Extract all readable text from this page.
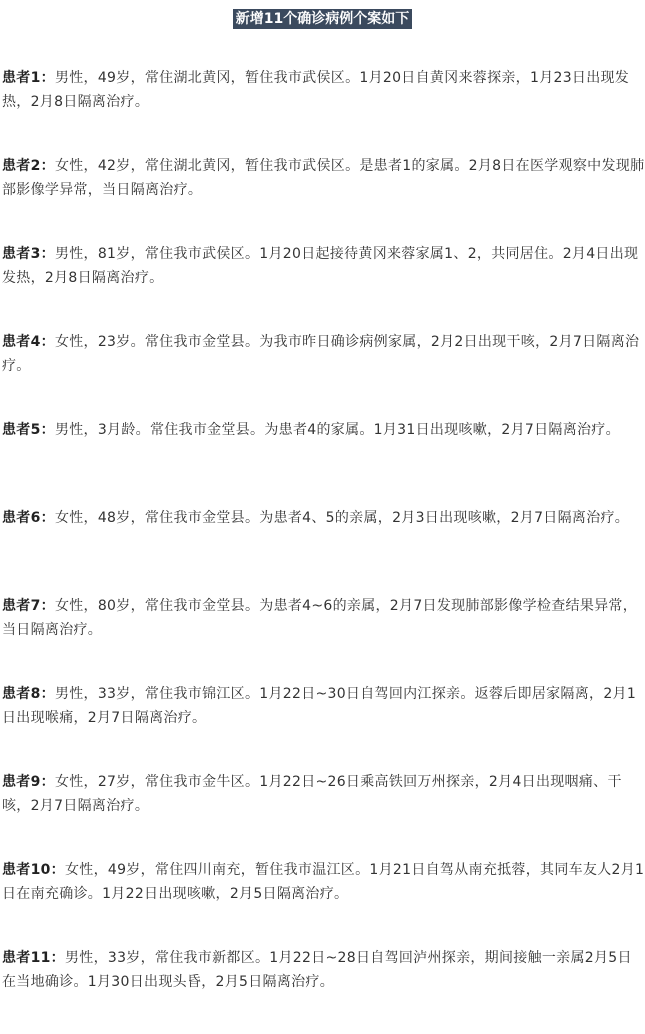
新增11个确诊病例个案如下

患者1：男性，49岁，常住湖北黄冈，暂住我市武侯区。1月20日自黄冈来蓉探亲，1月23日出现发热，2月8日隔离治疗。

患者2：女性，42岁，常住湖北黄冈，暂住我市武侯区。是患者1的家属。2月8日在医学观察中发现肺部影像学异常，当日隔离治疗。

患者3：男性，81岁，常住我市武侯区。1月20日起接待黄冈来蓉家属1、2，共同居住。2月4日出现发热，2月8日隔离治疗。

患者4：女性，23岁。常住我市金堂县。为我市昨日确诊病例家属，2月2日出现干咳，2月7日隔离治疗。

患者5：男性，3月龄。常住我市金堂县。为患者4的家属。1月31日出现咳嗽，2月7日隔离治疗。

患者6：女性，48岁，常住我市金堂县。为患者4、5的亲属，2月3日出现咳嗽，2月7日隔离治疗。

患者7：女性，80岁，常住我市金堂县。为患者4~6的亲属，2月7日发现肺部影像学检查结果异常，当日隔离治疗。

患者8：男性，33岁，常住我市锦江区。1月22日~30日自驾回内江探亲。返蓉后即居家隔离，2月1日出现喉痛，2月7日隔离治疗。

患者9：女性，27岁，常住我市金牛区。1月22日~26日乘高铁回万州探亲，2月4日出现咽痛、干咳，2月7日隔离治疗。

患者10：女性，49岁，常住四川南充，暂住我市温江区。1月21日自驾从南充抵蓉，其同车友人2月1日在南充确诊。1月22日出现咳嗽，2月5日隔离治疗。

患者11：男性，33岁，常住我市新都区。1月22日~28日自驾回泸州探亲，期间接触一亲属2月5日在当地确诊。1月30日出现头昏，2月5日隔离治疗。
